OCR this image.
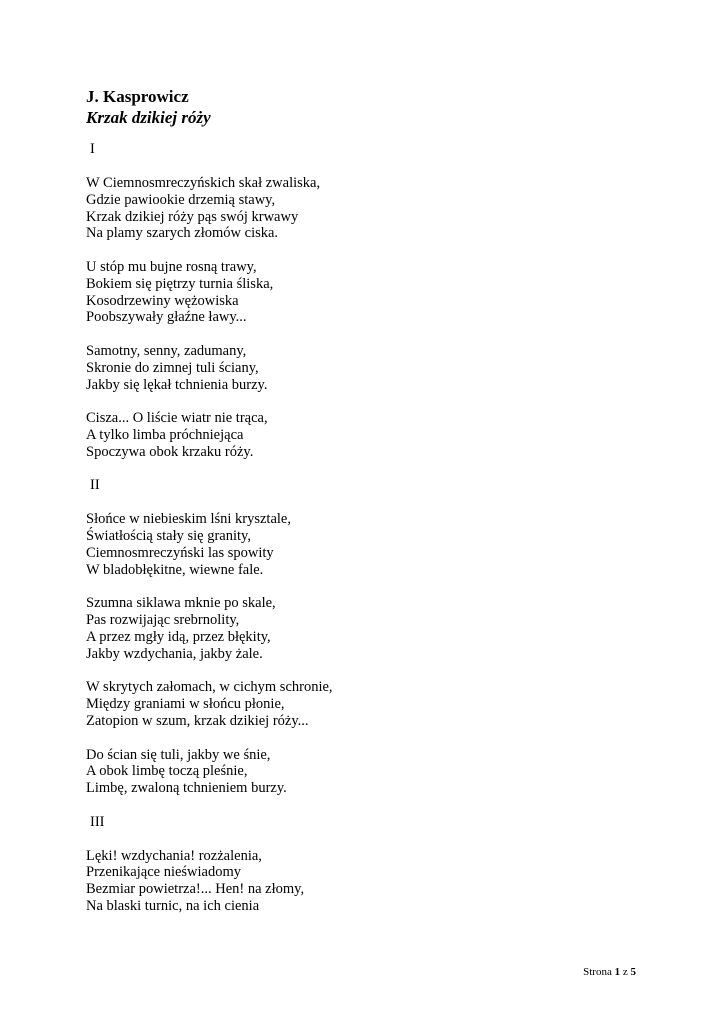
J. Kasprowicz

Krzak dzikiej róży

I

W Ciemnosmreczyńskich skał zwaliska,
Gdzie pawiookie drzemią stawy,
Krzak dzikiej róży pąs swój krwawy
Na plamy szarych złomów ciska.
U stóp mu bujne rosną trawy,
Bokiem się piętrzy turnia śliska,
Kosodrzewiny wężowiska
Poobszywały głaźne ławy...
Samotny, senny, zadumany,
Skronie do zimnej tuli ściany,
Jakby się lękał tchnienia burzy.
Cisza... O liście wiatr nie trąca,
A tylko limba próchniejąca
Spoczywa obok krzaku róży.

II

Słońce w niebieskim lśni krysztale,
Światłością stały się granity,
Ciemnosmreczyński las spowity
W bladobłękitne, wiewne fale.
Szumna siklawa mknie po skale,
Pas rozwijając srebrnolity,
A przez mgły idą, przez błękity,
Jakby wzdychania, jakby żale.
W skrytych załomach, w cichym schronie,
Między graniami w słońcu płonie,
Zatopion w szum, krzak dzikiej róży...
Do ścian się tuli, jakby we śnie,
A obok limbę toczą pleśnie,
Limbę, zwaloną tchnieniem burzy.

III

Lęki! wzdychania! rozżalenia,
Przenikające nieświadomy
Bezmiar powietrza!... Hen! na złomy,
Na blaski turnic, na ich cienia
Strona 1 z 5
